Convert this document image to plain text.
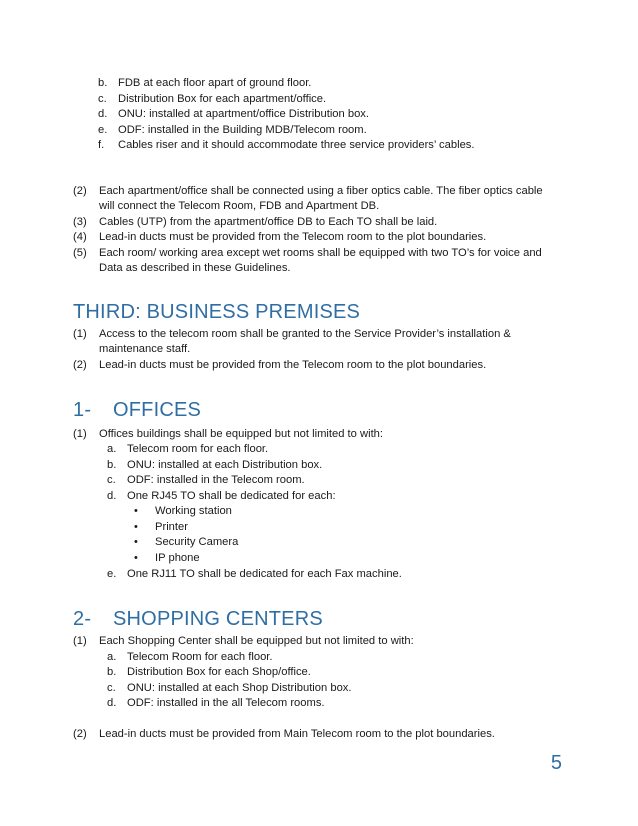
b. FDB at each floor apart of ground floor.
c. Distribution Box for each apartment/office.
d. ONU: installed at apartment/office Distribution box.
e. ODF: installed in the Building MDB/Telecom room.
f. Cables riser and it should accommodate three service providers’ cables.
(2) Each apartment/office shall be connected using a fiber optics cable. The fiber optics cable
will connect the Telecom Room, FDB and Apartment DB.
(3) Cables (UTP) from the apartment/office DB to Each TO shall be laid.
(4) Lead-in ducts must be provided from the Telecom room to the plot boundaries.
(5) Each room/ working area except wet rooms shall be equipped with two TO’s for voice and
Data as described in these Guidelines.
THIRD: BUSINESS PREMISES
(1) Access to the telecom room shall be granted to the Service Provider’s installation &
maintenance staff.
(2) Lead-in ducts must be provided from the Telecom room to the plot boundaries.
1- OFFICES
(1) Offices buildings shall be equipped but not limited to with:
a. Telecom room for each floor.
b. ONU: installed at each Distribution box.
c. ODF: installed in the Telecom room.
d. One RJ45 TO shall be dedicated for each:
• Working station
• Printer
• Security Camera
• IP phone
e. One RJ11 TO shall be dedicated for each Fax machine.
2- SHOPPING CENTERS
(1) Each Shopping Center shall be equipped but not limited to with:
a. Telecom Room for each floor.
b. Distribution Box for each Shop/office.
c. ONU: installed at each Shop Distribution box.
d. ODF: installed in the all Telecom rooms.
(2) Lead-in ducts must be provided from Main Telecom room to the plot boundaries.
5
